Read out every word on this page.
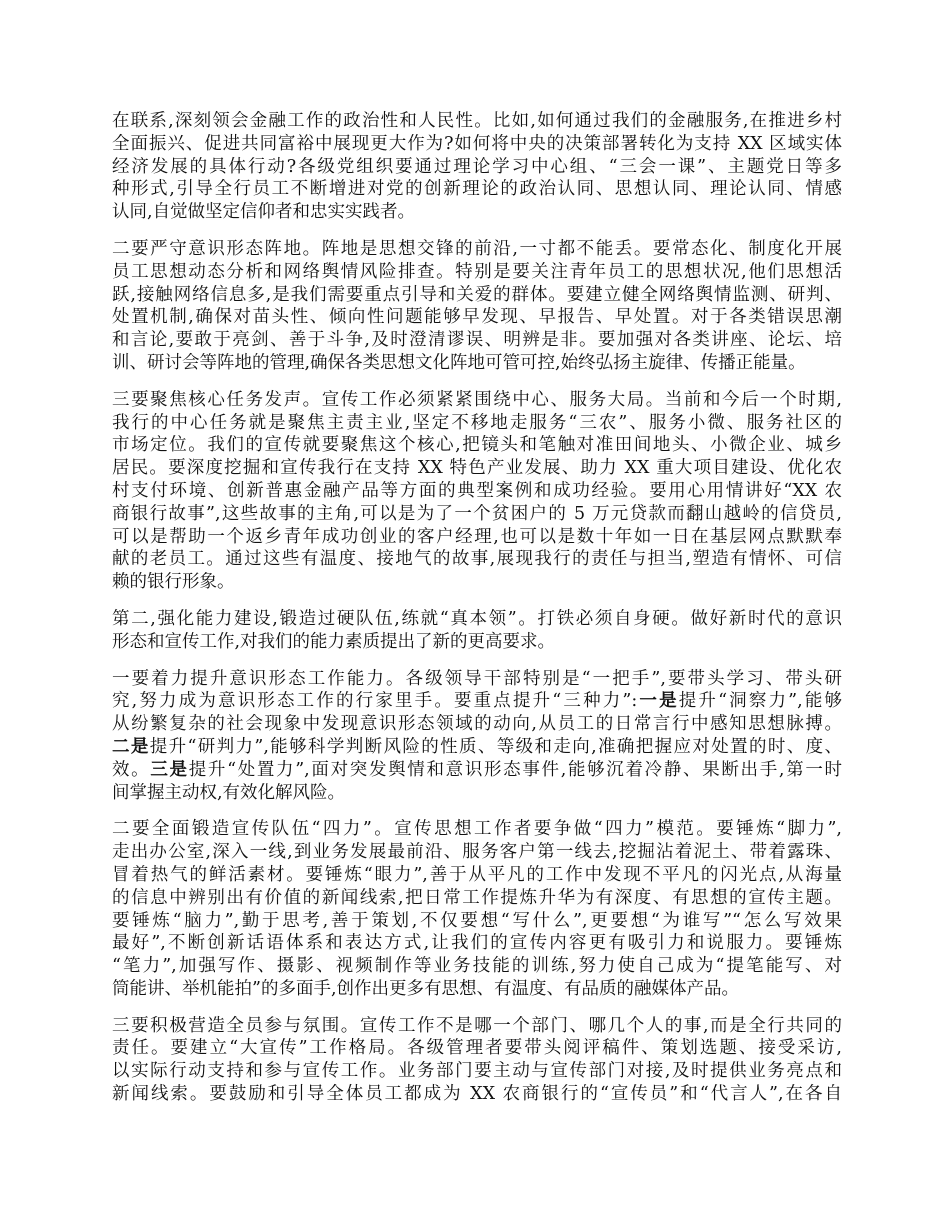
在联系,深刻领会金融工作的政治性和人民性。比如,如何通过我们的金融服务,在推进乡村
全面振兴、促进共同富裕中展现更大作为?如何将中央的决策部署转化为支持 XX 区域实体
经济发展的具体行动?各级党组织要通过理论学习中心组、“三会一课”、主题党日等多
种形式,引导全行员工不断增进对党的创新理论的政治认同、思想认同、理论认同、情感
认同,自觉做坚定信仰者和忠实实践者。
二要严守意识形态阵地。阵地是思想交锋的前沿,一寸都不能丢。要常态化、制度化开展
员工思想动态分析和网络舆情风险排查。特别是要关注青年员工的思想状况,他们思想活
跃,接触网络信息多,是我们需要重点引导和关爱的群体。要建立健全网络舆情监测、研判、
处置机制,确保对苗头性、倾向性问题能够早发现、早报告、早处置。对于各类错误思潮
和言论,要敢于亮剑、善于斗争,及时澄清谬误、明辨是非。要加强对各类讲座、论坛、培
训、研讨会等阵地的管理,确保各类思想文化阵地可管可控,始终弘扬主旋律、传播正能量。
三要聚焦核心任务发声。宣传工作必须紧紧围绕中心、服务大局。当前和今后一个时期,
我行的中心任务就是聚焦主责主业,坚定不移地走服务“三农”、服务小微、服务社区的
市场定位。我们的宣传就要聚焦这个核心,把镜头和笔触对准田间地头、小微企业、城乡
居民。要深度挖掘和宣传我行在支持 XX 特色产业发展、助力 XX 重大项目建设、优化农
村支付环境、创新普惠金融产品等方面的典型案例和成功经验。要用心用情讲好“XX 农
商银行故事”,这些故事的主角,可以是为了一个贫困户的 5 万元贷款而翻山越岭的信贷员,
可以是帮助一个返乡青年成功创业的客户经理,也可以是数十年如一日在基层网点默默奉
献的老员工。通过这些有温度、接地气的故事,展现我行的责任与担当,塑造有情怀、可信
赖的银行形象。
第二,强化能力建设,锻造过硬队伍,练就“真本领”。打铁必须自身硬。做好新时代的意识
形态和宣传工作,对我们的能力素质提出了新的更高要求。
一要着力提升意识形态工作能力。各级领导干部特别是“一把手”,要带头学习、带头研
究,努力成为意识形态工作的行家里手。要重点提升“三种力”:一是提升“洞察力”,能够
从纷繁复杂的社会现象中发现意识形态领域的动向,从员工的日常言行中感知思想脉搏。
二是提升“研判力”,能够科学判断风险的性质、等级和走向,准确把握应对处置的时、度、
效。三是提升“处置力”,面对突发舆情和意识形态事件,能够沉着冷静、果断出手,第一时
间掌握主动权,有效化解风险。
二要全面锻造宣传队伍“四力”。宣传思想工作者要争做“四力”模范。要锤炼“脚力”,
走出办公室,深入一线,到业务发展最前沿、服务客户第一线去,挖掘沾着泥土、带着露珠、
冒着热气的鲜活素材。要锤炼“眼力”,善于从平凡的工作中发现不平凡的闪光点,从海量
的信息中辨别出有价值的新闻线索,把日常工作提炼升华为有深度、有思想的宣传主题。
要锤炼“脑力”,勤于思考,善于策划,不仅要想“写什么”,更要想“为谁写”“怎么写效果
最好”,不断创新话语体系和表达方式,让我们的宣传内容更有吸引力和说服力。要锤炼
“笔力”,加强写作、摄影、视频制作等业务技能的训练,努力使自己成为“提笔能写、对
筒能讲、举机能拍”的多面手,创作出更多有思想、有温度、有品质的融媒体产品。
三要积极营造全员参与氛围。宣传工作不是哪一个部门、哪几个人的事,而是全行共同的
责任。要建立“大宣传”工作格局。各级管理者要带头阅评稿件、策划选题、接受采访,
以实际行动支持和参与宣传工作。业务部门要主动与宣传部门对接,及时提供业务亮点和
新闻线索。要鼓励和引导全体员工都成为 XX 农商银行的“宣传员”和“代言人”,在各自
